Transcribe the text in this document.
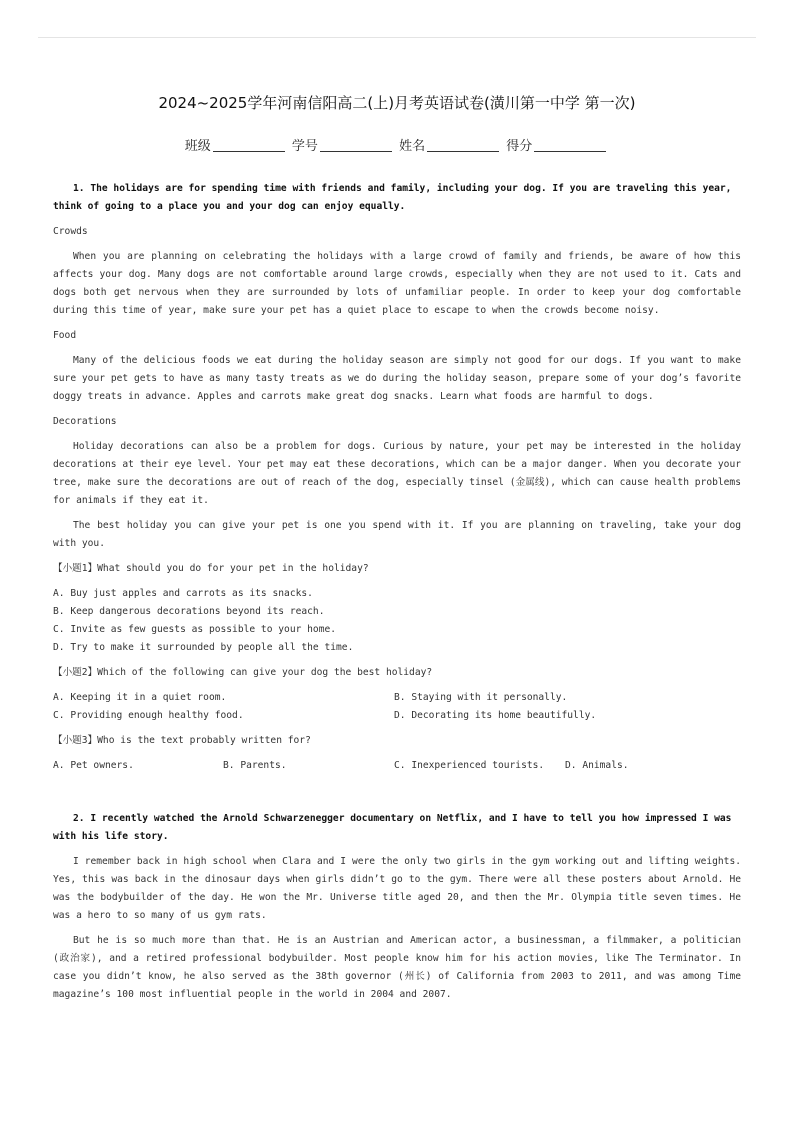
2024~2025学年河南信阳高二(上)月考英语试卷(潢川第一中学 第一次)
班级	学号	姓名	得分

1. The holidays are for spending time with friends and family, including your dog. If you are traveling this year, think of going to a place you and your dog can enjoy equally.

Crowds

When you are planning on celebrating the holidays with a large crowd of family and friends, be aware of how this affects your dog. Many dogs are not comfortable around large crowds, especially when they are not used to it. Cats and dogs both get nervous when they are surrounded by lots of unfamiliar people. In order to keep your dog comfortable during this time of year, make sure your pet has a quiet place to escape to when the crowds become noisy.

Food

Many of the delicious foods we eat during the holiday season are simply not good for our dogs. If you want to make sure your pet gets to have as many tasty treats as we do during the holiday season, prepare some of your dog’s favorite doggy treats in advance. Apples and carrots make great dog snacks. Learn what foods are harmful to dogs.

Decorations

Holiday decorations can also be a problem for dogs. Curious by nature, your pet may be interested in the holiday decorations at their eye level. Your pet may eat these decorations, which can be a major danger. When you decorate your tree, make sure the decorations are out of reach of the dog, especially tinsel (金属线), which can cause health problems for animals if they eat it.

The best holiday you can give your pet is one you spend with it. If you are planning on traveling, take your dog with you.

【小题1】What should you do for your pet in the holiday?

A. Buy just apples and carrots as its snacks.

B. Keep dangerous decorations beyond its reach.

C. Invite as few guests as possible to your home.

D. Try to make it surrounded by people all the time.

【小题2】Which of the following can give your dog the best holiday?

A. Keeping it in a quiet room.	B. Staying with it personally.
C. Providing enough healthy food.	D. Decorating its home beautifully.

【小题3】Who is the text probably written for?

A. Pet owners.	B. Parents.	C. Inexperienced tourists.	D. Animals.

2. I recently watched the Arnold Schwarzenegger documentary on Netflix, and I have to tell you how impressed I was with his life story.

I remember back in high school when Clara and I were the only two girls in the gym working out and lifting weights. Yes, this was back in the dinosaur days when girls didn’t go to the gym. There were all these posters about Arnold. He was the bodybuilder of the day. He won the Mr. Universe title aged 20, and then the Mr. Olympia title seven times. He was a hero to so many of us gym rats.

But he is so much more than that. He is an Austrian and American actor, a businessman, a filmmaker, a politician (政治家), and a retired professional bodybuilder. Most people know him for his action movies, like The Terminator. In case you didn’t know, he also served as the 38th governor (州长) of California from 2003 to 2011, and was among Time magazine’s 100 most influential people in the world in 2004 and 2007.
